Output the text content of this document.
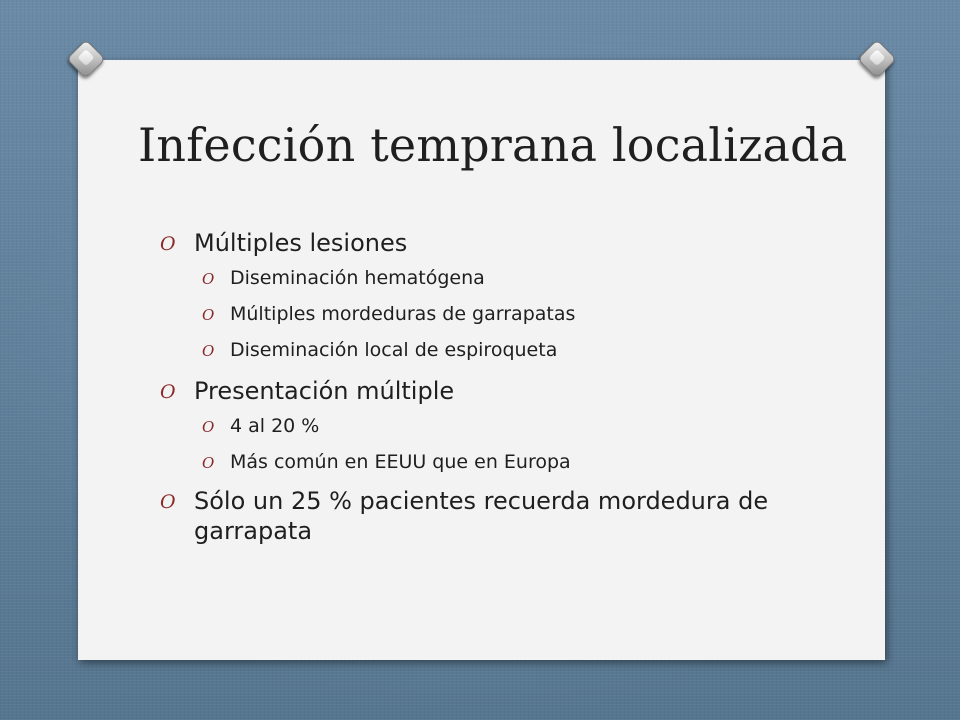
Infección temprana localizada
O Múltiples lesiones
O Diseminación hematógena
O Múltiples mordeduras de garrapatas
O Diseminación local de espiroqueta
O Presentación múltiple
O 4 al 20 %
O Más común en EEUU que en Europa
O Sólo un 25 % pacientes recuerda mordedura de garrapata
